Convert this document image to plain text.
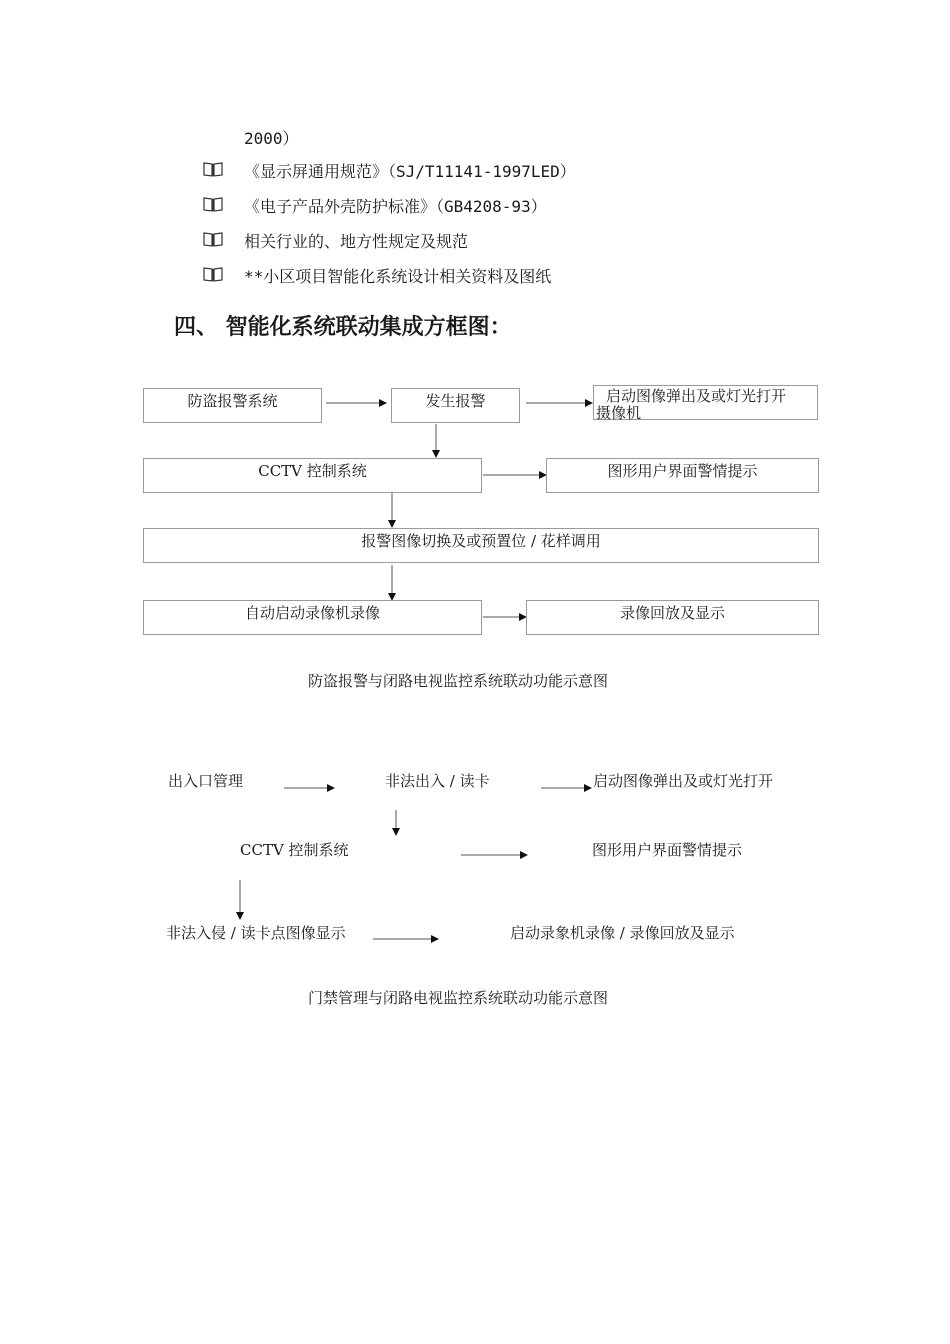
2000）
《显示屏通用规范》（SJ/T11141-1997LED）
《电子产品外壳防护标准》（GB4208-93）
相关行业的、地方性规定及规范
**小区项目智能化系统设计相关资料及图纸
四、 智能化系统联动集成方框图：
防盗报警系统	发生报警	启动图像弹出及或灯光打开
摄像机
CCTV 控制系统	图形用户界面警情提示
报警图像切换及或预置位 / 花样调用
自动启动录像机录像	录像回放及显示
防盗报警与闭路电视监控系统联动功能示意图
出入口管理	非法出入 / 读卡	启动图像弹出及或灯光打开
CCTV 控制系统	图形用户界面警情提示
非法入侵 / 读卡点图像显示	启动录象机录像 / 录像回放及显示
门禁管理与闭路电视监控系统联动功能示意图
